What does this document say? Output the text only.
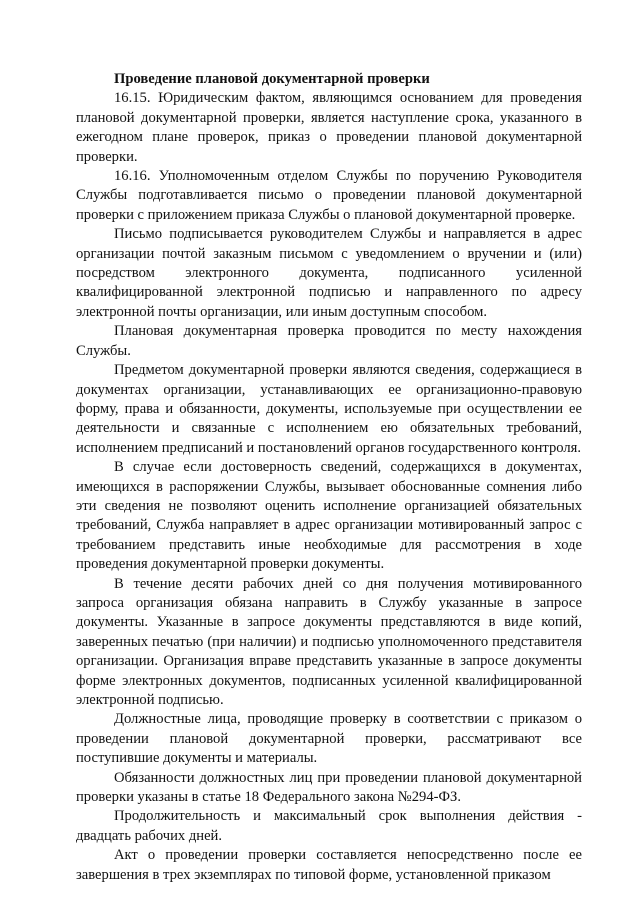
Проведение плановой документарной проверки

16.15. Юридическим фактом, являющимся основанием для проведения плановой документарной проверки, является наступление срока, указанного в ежегодном плане проверок, приказ о проведении плановой документарной проверки.

16.16. Уполномоченным отделом Службы по поручению Руководителя Службы подготавливается письмо о проведении плановой документарной проверки с приложением приказа Службы о плановой документарной проверке.

Письмо подписывается руководителем Службы и направляется в адрес организации почтой заказным письмом с уведомлением о вручении и (или) посредством электронного документа, подписанного усиленной квалифицированной электронной подписью и направленного по адресу электронной почты организации, или иным доступным способом.

Плановая документарная проверка проводится по месту нахождения Службы.

Предметом документарной проверки являются сведения, содержащиеся в документах организации, устанавливающих ее организационно-правовую форму, права и обязанности, документы, используемые при осуществлении ее деятельности и связанные с исполнением ею обязательных требований, исполнением предписаний и постановлений органов государственного контроля.

В случае если достоверность сведений, содержащихся в документах, имеющихся в распоряжении Службы, вызывает обоснованные сомнения либо эти сведения не позволяют оценить исполнение организацией обязательных требований, Служба направляет в адрес организации мотивированный запрос с требованием представить иные необходимые для рассмотрения в ходе проведения документарной проверки документы.

В течение десяти рабочих дней со дня получения мотивированного запроса организация обязана направить в Службу указанные в запросе документы. Указанные в запросе документы представляются в виде копий, заверенных печатью (при наличии) и подписью уполномоченного представителя организации. Организация вправе представить указанные в запросе документы форме электронных документов, подписанных усиленной квалифицированной электронной подписью.

Должностные лица, проводящие проверку в соответствии с приказом о проведении плановой документарной проверки, рассматривают все поступившие документы и материалы.

Обязанности должностных лиц при проведении плановой документарной проверки указаны в статье 18 Федерального закона №294-ФЗ.

Продолжительность и максимальный срок выполнения действия - двадцать рабочих дней.

Акт о проведении проверки составляется непосредственно после ее завершения в трех экземплярах по типовой форме, установленной приказом
